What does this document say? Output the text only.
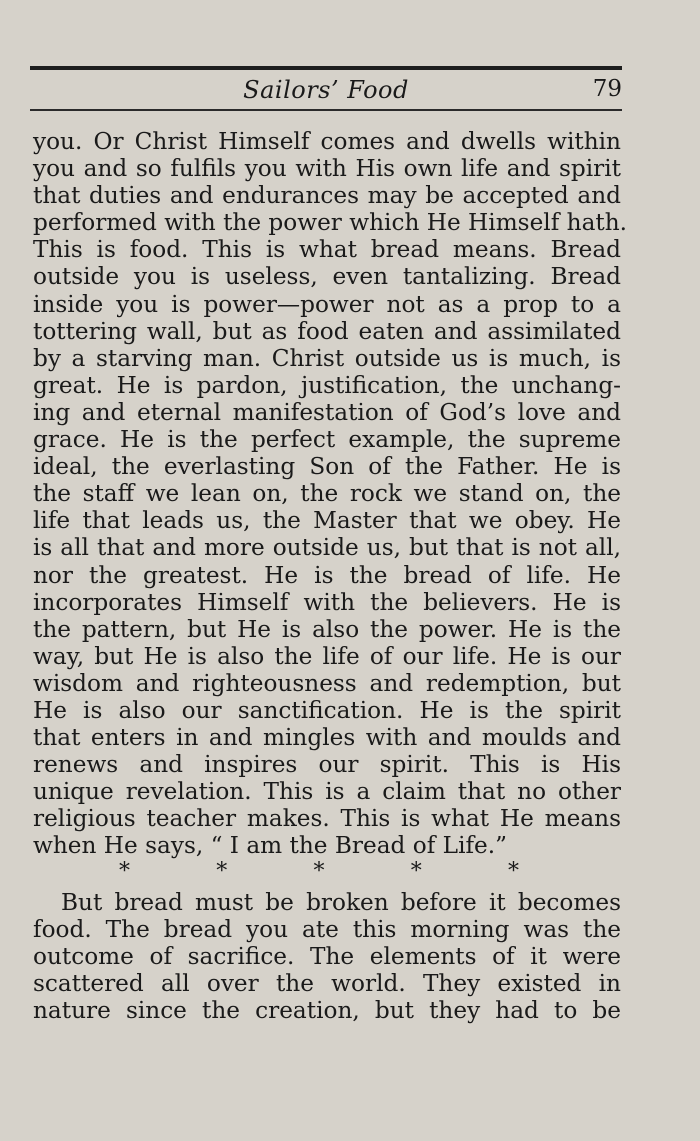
Sailors’ Food	79
you. Or Christ Himself comes and dwells within
you and so fulfils you with His own life and spirit
that duties and endurances may be accepted and
performed with the power which He Himself hath.
This is food. This is what bread means. Bread
outside you is useless, even tantalizing. Bread
inside you is power—power not as a prop to a
tottering wall, but as food eaten and assimilated
by a starving man. Christ outside us is much, is
great. He is pardon, justification, the unchang-
ing and eternal manifestation of God’s love and
grace. He is the perfect example, the supreme
ideal, the everlasting Son of the Father. He is
the staff we lean on, the rock we stand on, the
life that leads us, the Master that we obey. He
is all that and more outside us, but that is not all,
nor the greatest. He is the bread of life. He
incorporates Himself with the believers. He is
the pattern, but He is also the power. He is the
way, but He is also the life of our life. He is our
wisdom and righteousness and redemption, but
He is also our sanctification. He is the spirit
that enters in and mingles with and moulds and
renews and inspires our spirit. This is His
unique revelation. This is a claim that no other
religious teacher makes. This is what He means
when He says, “ I am the Bread of Life.”
*	*	*	*	*
But bread must be broken before it becomes
food. The bread you ate this morning was the
outcome of sacrifice. The elements of it were
scattered all over the world. They existed in
nature since the creation, but they had to be
